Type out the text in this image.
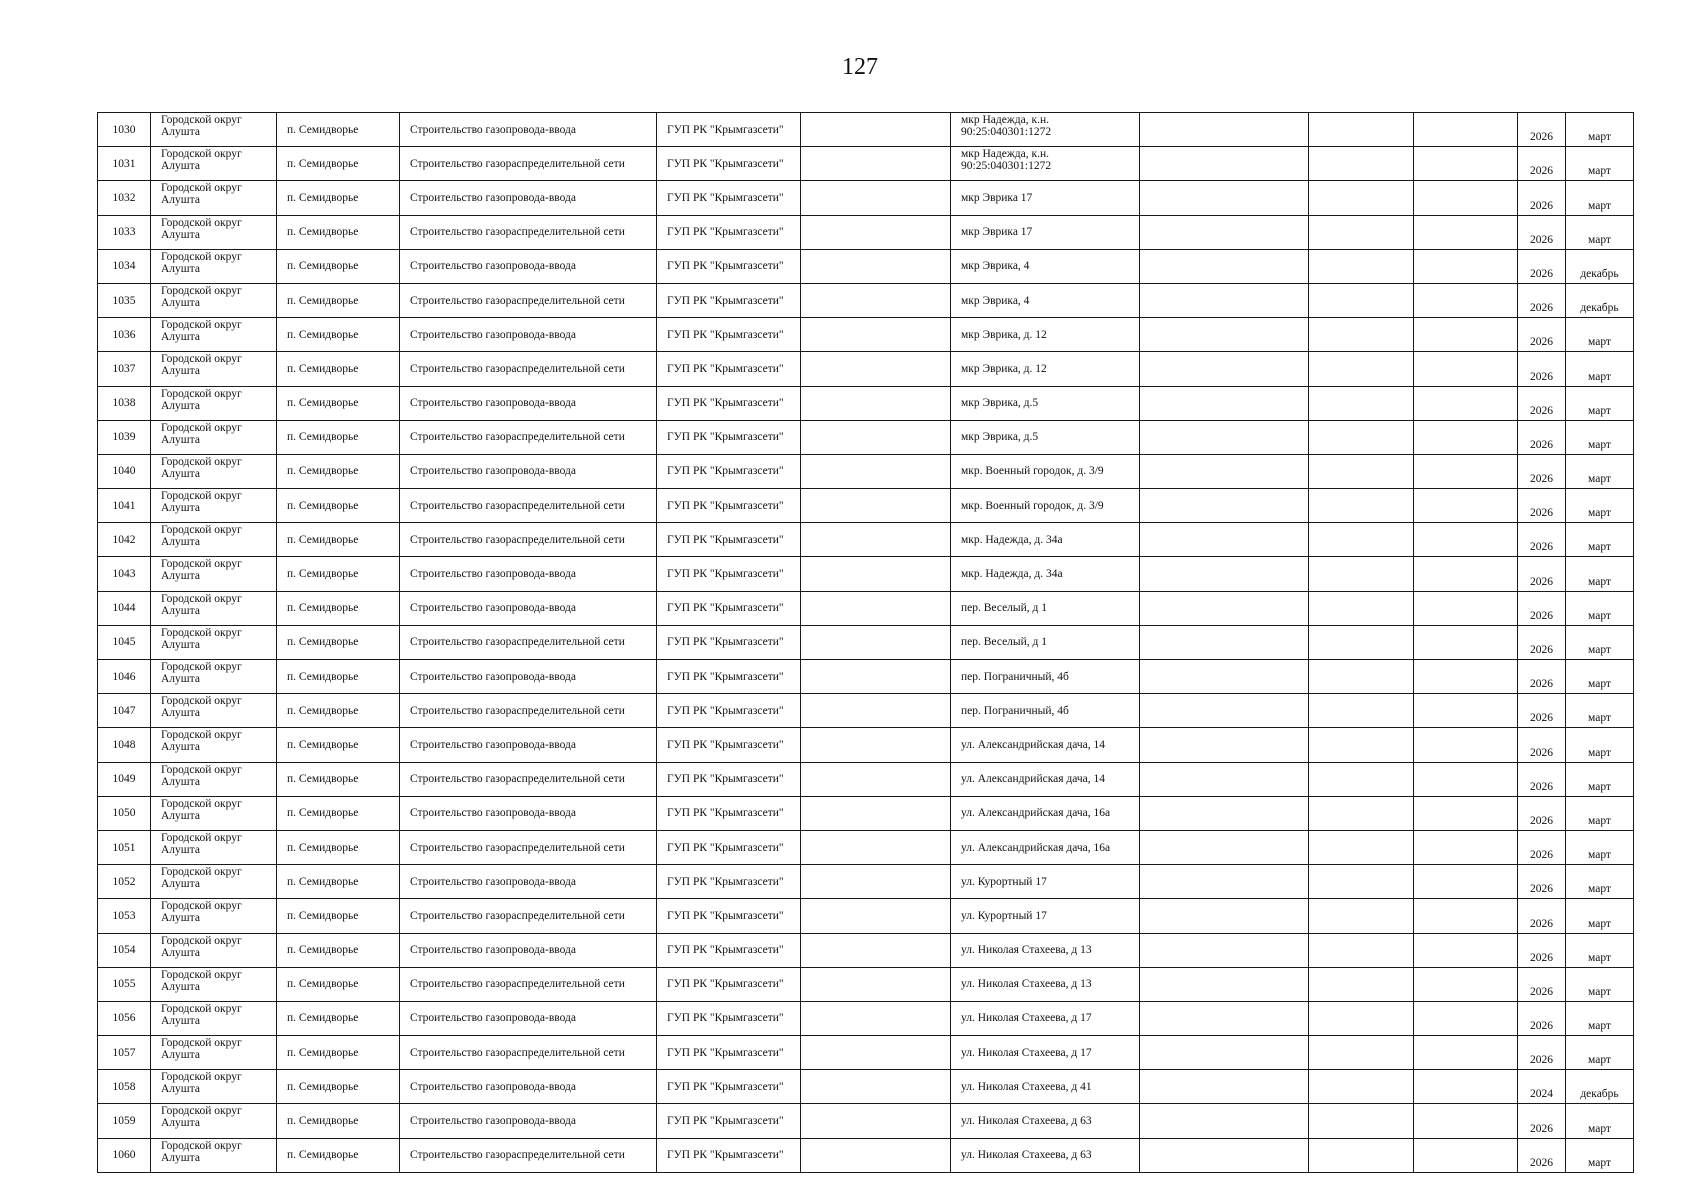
127
1030	Городской округ Алушта	п. Семидворье	Строительство газопровода-ввода	ГУП РК "Крымгазсети"		мкр Надежда, к.н. 90:25:040301:1272				2026	март
1031	Городской округ Алушта	п. Семидворье	Строительство газораспределительной сети	ГУП РК "Крымгазсети"		мкр Надежда, к.н. 90:25:040301:1272				2026	март
1032	Городской округ Алушта	п. Семидворье	Строительство газопровода-ввода	ГУП РК "Крымгазсети"		мкр Эврика 17				2026	март
1033	Городской округ Алушта	п. Семидворье	Строительство газораспределительной сети	ГУП РК "Крымгазсети"		мкр Эврика 17				2026	март
1034	Городской округ Алушта	п. Семидворье	Строительство газопровода-ввода	ГУП РК "Крымгазсети"		мкр Эврика, 4				2026	декабрь
1035	Городской округ Алушта	п. Семидворье	Строительство газораспределительной сети	ГУП РК "Крымгазсети"		мкр Эврика, 4				2026	декабрь
1036	Городской округ Алушта	п. Семидворье	Строительство газопровода-ввода	ГУП РК "Крымгазсети"		мкр Эврика, д. 12				2026	март
1037	Городской округ Алушта	п. Семидворье	Строительство газораспределительной сети	ГУП РК "Крымгазсети"		мкр Эврика, д. 12				2026	март
1038	Городской округ Алушта	п. Семидворье	Строительство газопровода-ввода	ГУП РК "Крымгазсети"		мкр Эврика, д.5				2026	март
1039	Городской округ Алушта	п. Семидворье	Строительство газораспределительной сети	ГУП РК "Крымгазсети"		мкр Эврика, д.5				2026	март
1040	Городской округ Алушта	п. Семидворье	Строительство газопровода-ввода	ГУП РК "Крымгазсети"		мкр. Военный городок, д. 3/9				2026	март
1041	Городской округ Алушта	п. Семидворье	Строительство газораспределительной сети	ГУП РК "Крымгазсети"		мкр. Военный городок, д. 3/9				2026	март
1042	Городской округ Алушта	п. Семидворье	Строительство газораспределительной сети	ГУП РК "Крымгазсети"		мкр. Надежда, д. 34а				2026	март
1043	Городской округ Алушта	п. Семидворье	Строительство газопровода-ввода	ГУП РК "Крымгазсети"		мкр. Надежда, д. 34а				2026	март
1044	Городской округ Алушта	п. Семидворье	Строительство газопровода-ввода	ГУП РК "Крымгазсети"		пер. Веселый, д 1				2026	март
1045	Городской округ Алушта	п. Семидворье	Строительство газораспределительной сети	ГУП РК "Крымгазсети"		пер. Веселый, д 1				2026	март
1046	Городской округ Алушта	п. Семидворье	Строительство газопровода-ввода	ГУП РК "Крымгазсети"		пер. Пограничный, 4б				2026	март
1047	Городской округ Алушта	п. Семидворье	Строительство газораспределительной сети	ГУП РК "Крымгазсети"		пер. Пограничный, 4б				2026	март
1048	Городской округ Алушта	п. Семидворье	Строительство газопровода-ввода	ГУП РК "Крымгазсети"		ул. Александрийская дача, 14				2026	март
1049	Городской округ Алушта	п. Семидворье	Строительство газораспределительной сети	ГУП РК "Крымгазсети"		ул. Александрийская дача, 14				2026	март
1050	Городской округ Алушта	п. Семидворье	Строительство газопровода-ввода	ГУП РК "Крымгазсети"		ул. Александрийская дача, 16а				2026	март
1051	Городской округ Алушта	п. Семидворье	Строительство газораспределительной сети	ГУП РК "Крымгазсети"		ул. Александрийская дача, 16а				2026	март
1052	Городской округ Алушта	п. Семидворье	Строительство газопровода-ввода	ГУП РК "Крымгазсети"		ул. Курортный 17				2026	март
1053	Городской округ Алушта	п. Семидворье	Строительство газораспределительной сети	ГУП РК "Крымгазсети"		ул. Курортный 17				2026	март
1054	Городской округ Алушта	п. Семидворье	Строительство газопровода-ввода	ГУП РК "Крымгазсети"		ул. Николая Стахеева, д 13				2026	март
1055	Городской округ Алушта	п. Семидворье	Строительство газораспределительной сети	ГУП РК "Крымгазсети"		ул. Николая Стахеева, д 13				2026	март
1056	Городской округ Алушта	п. Семидворье	Строительство газопровода-ввода	ГУП РК "Крымгазсети"		ул. Николая Стахеева, д 17				2026	март
1057	Городской округ Алушта	п. Семидворье	Строительство газораспределительной сети	ГУП РК "Крымгазсети"		ул. Николая Стахеева, д 17				2026	март
1058	Городской округ Алушта	п. Семидворье	Строительство газопровода-ввода	ГУП РК "Крымгазсети"		ул. Николая Стахеева, д 41				2024	декабрь
1059	Городской округ Алушта	п. Семидворье	Строительство газопровода-ввода	ГУП РК "Крымгазсети"		ул. Николая Стахеева, д 63				2026	март
1060	Городской округ Алушта	п. Семидворье	Строительство газораспределительной сети	ГУП РК "Крымгазсети"		ул. Николая Стахеева, д 63				2026	март
